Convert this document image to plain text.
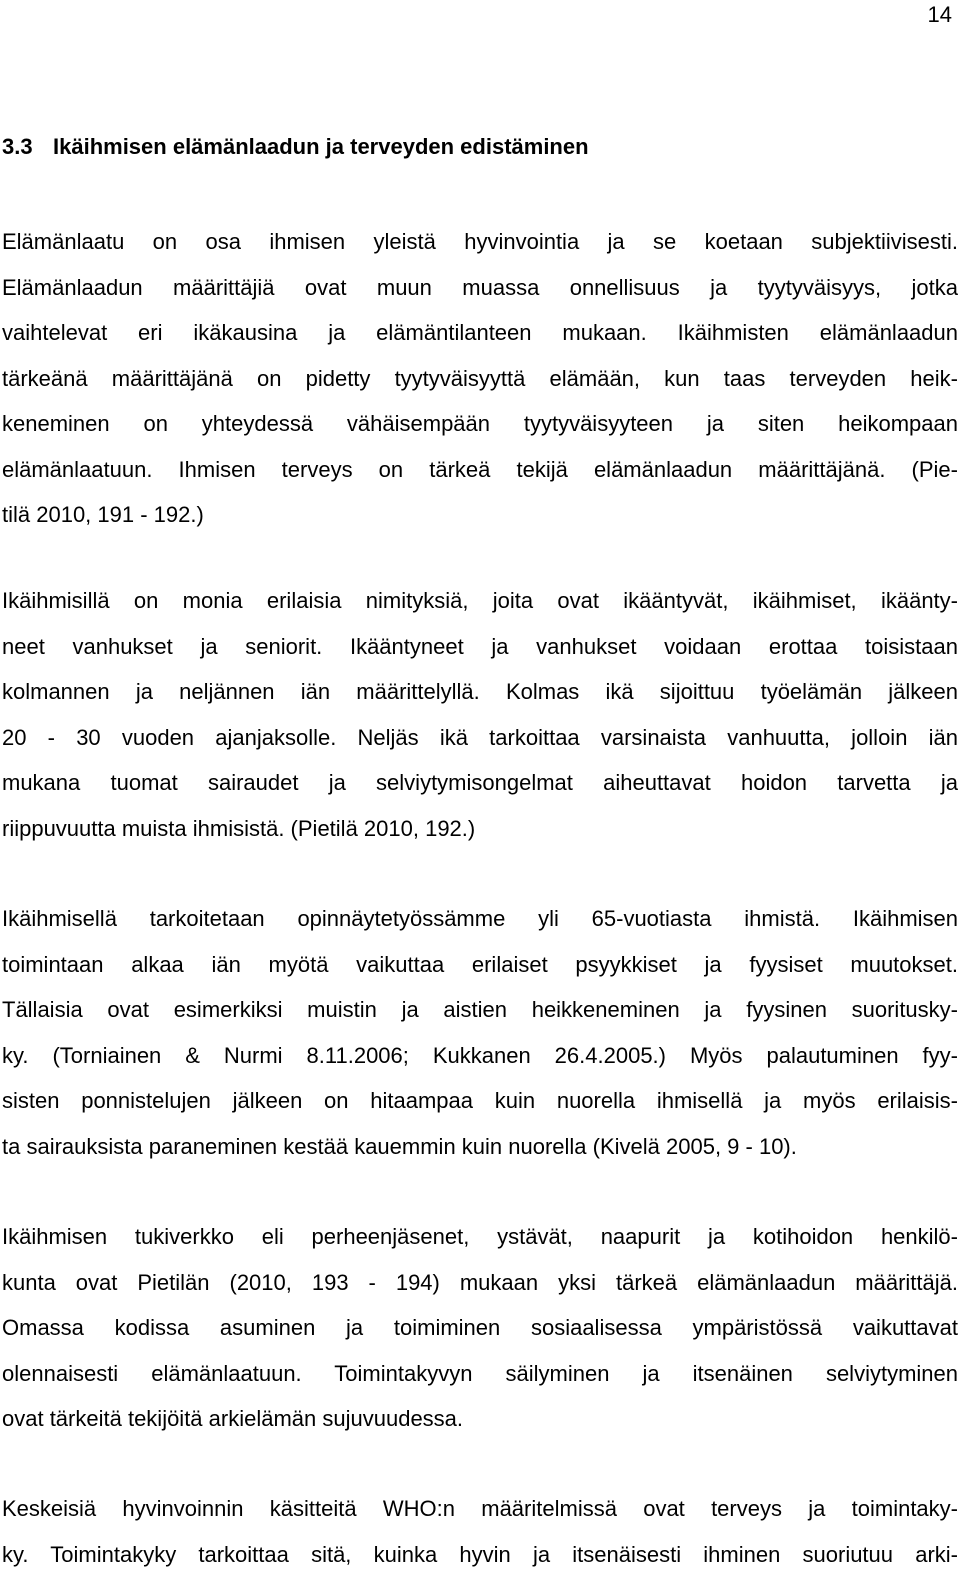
14
3.3 Ikäihmisen elämänlaadun ja terveyden edistäminen
Elämänlaatu on osa ihmisen yleistä hyvinvointia ja se koetaan subjektiivisesti.
Elämänlaadun määrittäjiä ovat muun muassa onnellisuus ja tyytyväisyys, jotka
vaihtelevat eri ikäkausina ja elämäntilanteen mukaan. Ikäihmisten elämänlaadun
tärkeänä määrittäjänä on pidetty tyytyväisyyttä elämään, kun taas terveyden heik-
keneminen on yhteydessä vähäisempään tyytyväisyyteen ja siten heikompaan
elämänlaatuun. Ihmisen terveys on tärkeä tekijä elämänlaadun määrittäjänä. (Pie-
tilä 2010, 191 - 192.)
Ikäihmisillä on monia erilaisia nimityksiä, joita ovat ikääntyvät, ikäihmiset, ikäänty-
neet vanhukset ja seniorit. Ikääntyneet ja vanhukset voidaan erottaa toisistaan
kolmannen ja neljännen iän määrittelyllä. Kolmas ikä sijoittuu työelämän jälkeen
20 - 30 vuoden ajanjaksolle. Neljäs ikä tarkoittaa varsinaista vanhuutta, jolloin iän
mukana tuomat sairaudet ja selviytymisongelmat aiheuttavat hoidon tarvetta ja
riippuvuutta muista ihmisistä. (Pietilä 2010, 192.)
Ikäihmisellä tarkoitetaan opinnäytetyössämme yli 65-vuotiasta ihmistä. Ikäihmisen
toimintaan alkaa iän myötä vaikuttaa erilaiset psyykkiset ja fyysiset muutokset.
Tällaisia ovat esimerkiksi muistin ja aistien heikkeneminen ja fyysinen suoritusky-
ky. (Torniainen & Nurmi 8.11.2006; Kukkanen 26.4.2005.) Myös palautuminen fyy-
sisten ponnistelujen jälkeen on hitaampaa kuin nuorella ihmisellä ja myös erilaisis-
ta sairauksista paraneminen kestää kauemmin kuin nuorella (Kivelä 2005, 9 - 10).
Ikäihmisen tukiverkko eli perheenjäsenet, ystävät, naapurit ja kotihoidon henkilö-
kunta ovat Pietilän (2010, 193 - 194) mukaan yksi tärkeä elämänlaadun määrittäjä.
Omassa kodissa asuminen ja toimiminen sosiaalisessa ympäristössä vaikuttavat
olennaisesti elämänlaatuun. Toimintakyvyn säilyminen ja itsenäinen selviytyminen
ovat tärkeitä tekijöitä arkielämän sujuvuudessa.
Keskeisiä hyvinvoinnin käsitteitä WHO:n määritelmissä ovat terveys ja toimintaky-
ky. Toimintakyky tarkoittaa sitä, kuinka hyvin ja itsenäisesti ihminen suoriutuu arki-
